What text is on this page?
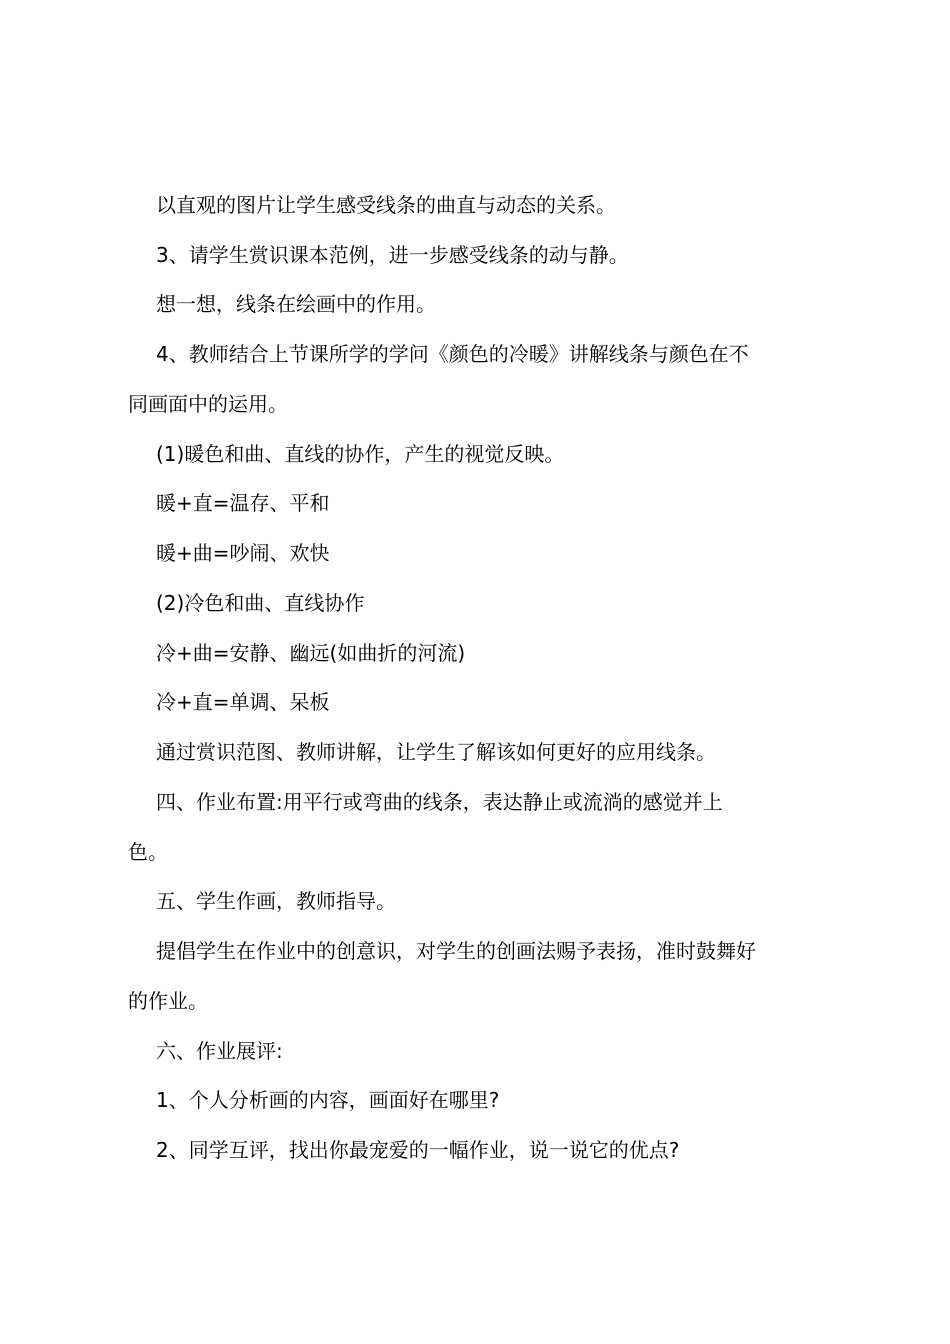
以直观的图片让学生感受线条的曲直与动态的关系。
3、请学生赏识课本范例，进一步感受线条的动与静。
想一想，线条在绘画中的作用。
4、教师结合上节课所学的学问《颜色的冷暖》讲解线条与颜色在不
同画面中的运用。
(1)暖色和曲、直线的协作，产生的视觉反映。
暖+直=温存、平和
暖+曲=吵闹、欢快
(2)冷色和曲、直线协作
冷+曲=安静、幽远(如曲折的河流)
冷+直=单调、呆板
通过赏识范图、教师讲解，让学生了解该如何更好的应用线条。
四、作业布置:用平行或弯曲的线条，表达静止或流淌的感觉并上
色。
五、学生作画，教师指导。
提倡学生在作业中的创意识，对学生的创画法赐予表扬，准时鼓舞好
的作业。
六、作业展评:
1、个人分析画的内容，画面好在哪里?
2、同学互评，找出你最宠爱的一幅作业，说一说它的优点?
